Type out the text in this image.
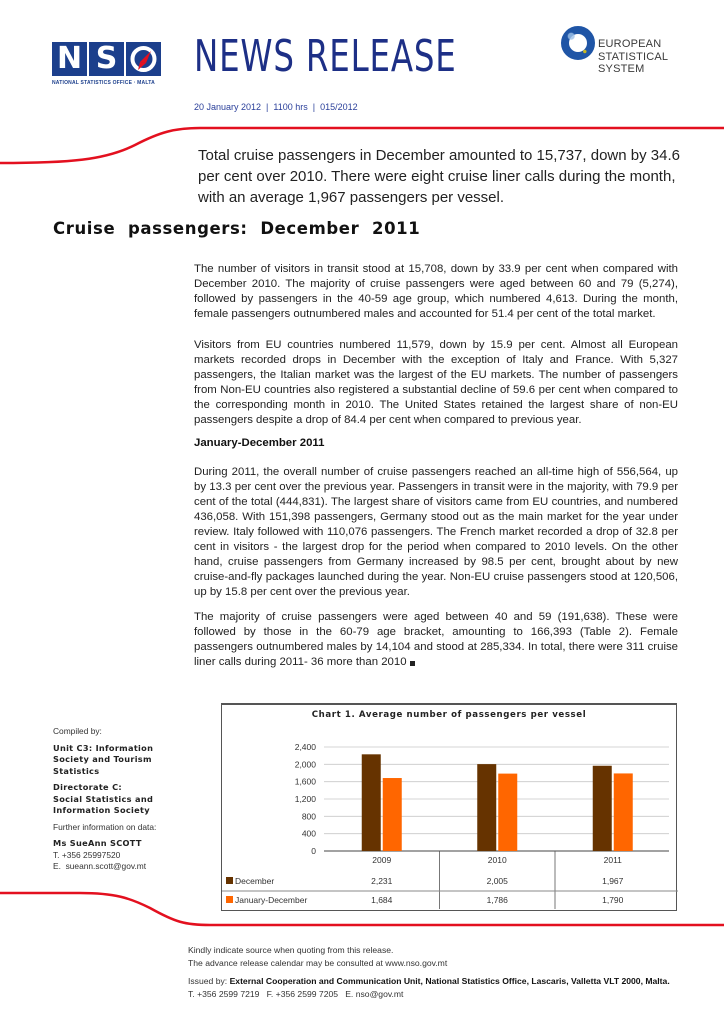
N S
NATIONAL STATISTICS OFFICE · MALTA
NEWS RELEASE	EUROPEAN
STATISTICAL
SYSTEM
20 January 2012  |  1100 hrs  |  015/2012
Total cruise passengers in December amounted to 15,737, down by 34.6 per cent over 2010. There were eight cruise liner calls during the month, with an average 1,967 passengers per vessel.
Cruise  passengers:  December  2011
The number of visitors in transit stood at 15,708, down by 33.9 per cent when compared with December 2010. The majority of cruise passengers were aged between 60 and 79 (5,274), followed by passengers in the 40-59 age group, which numbered 4,613. During the month, female passengers outnumbered males and accounted for 51.4 per cent of the total market.
Visitors from EU countries numbered 11,579, down by 15.9 per cent. Almost all European markets recorded drops in December with the exception of Italy and France. With 5,327 passengers, the Italian market was the largest of the EU markets. The number of passengers from Non-EU countries also registered a substantial decline of 59.6 per cent when compared to the corresponding month in 2010. The United States retained the largest share of non-EU passengers despite a drop of 84.4 per cent when compared to previous year.
January-December 2011
During 2011, the overall number of cruise passengers reached an all-time high of 556,564, up by 13.3 per cent over the previous year. Passengers in transit were in the majority, with 79.9 per cent of the total (444,831). The largest share of visitors came from EU countries, and numbered 436,058. With 151,398 passengers, Germany stood out as the main market for the year under review. Italy followed with 110,076 passengers. The French market recorded a drop of 32.8 per cent in visitors - the largest drop for the period when compared to 2010 levels. On the other hand, cruise passengers from Germany increased by 98.5 per cent, brought about by new cruise-and-fly packages launched during the year. Non-EU cruise passengers stood at 120,506, up by 15.8 per cent over the previous year.
The majority of cruise passengers were aged between 40 and 59 (191,638). These were followed by those in the 60-79 age bracket, amounting to 166,393 (Table 2). Female passengers outnumbered males by 14,104 and stood at 285,334. In total, there were 311 cruise liner calls during 2011- 36 more than 2010
Compiled by:
Unit C3: Information Society and Tourism Statistics
Directorate C:
Social Statistics and Information Society
Further information on data:
Ms SueAnn SCOTT
T. +356 25997520
E.  sueann.scott@gov.mt
Chart 1. Average number of passengers per vessel
0
400
800
1,200
1,600
2,000
2,400
2,231
1,684
2009
2,005
1,786
2010
1,967
1,790
2011
December
January-December
Kindly indicate source when quoting from this release.
The advance release calendar may be consulted at www.nso.gov.mt
Issued by: External Cooperation and Communication Unit, National Statistics Office, Lascaris, Valletta VLT 2000, Malta.
T. +356 2599 7219   F. +356 2599 7205   E. nso@gov.mt
